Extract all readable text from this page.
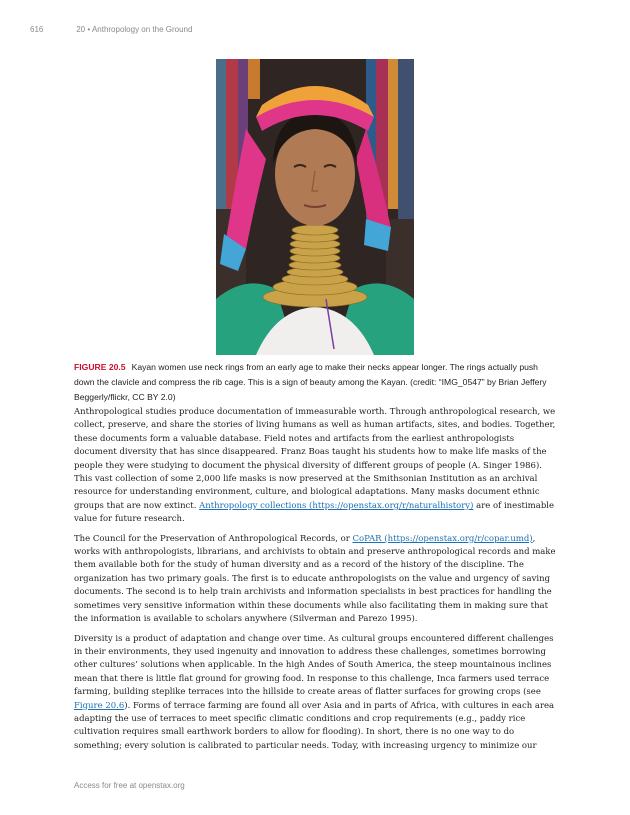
616	20 • Anthropology on the Ground
FIGURE 20.5 Kayan women use neck rings from an early age to make their necks appear longer. The rings actually push down the clavicle and compress the rib cage. This is a sign of beauty among the Kayan. (credit: “IMG_0547” by Brian Jeffery Beggerly/flickr, CC BY 2.0)

Anthropological studies produce documentation of immeasurable worth. Through anthropological research, we collect, preserve, and share the stories of living humans as well as human artifacts, sites, and bodies. Together, these documents form a valuable database. Field notes and artifacts from the earliest anthropologists document diversity that has since disappeared. Franz Boas taught his students how to make life masks of the people they were studying to document the physical diversity of different groups of people (A. Singer 1986). This vast collection of some 2,000 life masks is now preserved at the Smithsonian Institution as an archival resource for understanding environment, culture, and biological adaptations. Many masks document ethnic groups that are now extinct. Anthropology collections (https://openstax.org/r/naturalhistory) are of inestimable value for future research.

The Council for the Preservation of Anthropological Records, or CoPAR (https://openstax.org/r/copar.umd), works with anthropologists, librarians, and archivists to obtain and preserve anthropological records and make them available both for the study of human diversity and as a record of the history of the discipline. The organization has two primary goals. The first is to educate anthropologists on the value and urgency of saving documents. The second is to help train archivists and information specialists in best practices for handling the sometimes very sensitive information within these documents while also facilitating them in making sure that the information is available to scholars anywhere (Silverman and Parezo 1995).

Diversity is a product of adaptation and change over time. As cultural groups encountered different challenges in their environments, they used ingenuity and innovation to address these challenges, sometimes borrowing other cultures’ solutions when applicable. In the high Andes of South America, the steep mountainous inclines mean that there is little flat ground for growing food. In response to this challenge, Inca farmers used terrace farming, building steplike terraces into the hillside to create areas of flatter surfaces for growing crops (see Figure 20.6). Forms of terrace farming are found all over Asia and in parts of Africa, with cultures in each area adapting the use of terraces to meet specific climatic conditions and crop requirements (e.g., paddy rice cultivation requires small earthwork borders to allow for flooding). In short, there is no one way to do something; every solution is calibrated to particular needs. Today, with increasing urgency to minimize our

Access for free at openstax.org
